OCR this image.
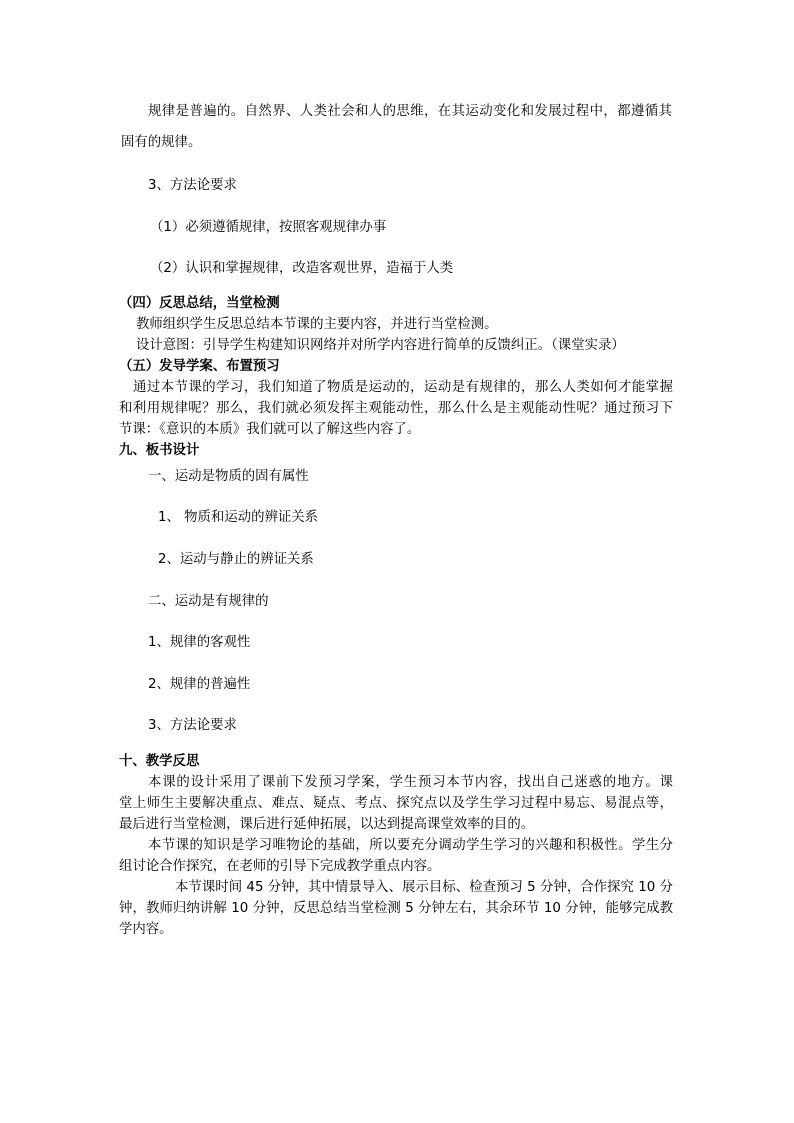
规律是普遍的。自然界、人类社会和人的思维，在其运动变化和发展过程中，都遵循其

固有的规律。

3、方法论要求

（1）必须遵循规律，按照客观规律办事

（2）认识和掌握规律，改造客观世界，造福于人类

（四）反思总结，当堂检测

教师组织学生反思总结本节课的主要内容，并进行当堂检测。

设计意图：引导学生构建知识网络并对所学内容进行简单的反馈纠正。（课堂实录）

（五）发导学案、布置预习

通过本节课的学习，我们知道了物质是运动的，运动是有规律的，那么人类如何才能掌握

和利用规律呢？那么，我们就必须发挥主观能动性，那么什么是主观能动性呢？通过预习下

节课：《意识的本质》我们就可以了解这些内容了。

九、板书设计

一、运动是物质的固有属性

1、 物质和运动的辨证关系

2、运动与静止的辨证关系

二、运动是有规律的

1、规律的客观性

2、规律的普遍性

3、方法论要求

十、教学反思

本课的设计采用了课前下发预习学案，学生预习本节内容，找出自己迷惑的地方。课

堂上师生主要解决重点、难点、疑点、考点、探究点以及学生学习过程中易忘、易混点等，

最后进行当堂检测，课后进行延伸拓展，以达到提高课堂效率的目的。

本节课的知识是学习唯物论的基础，所以要充分调动学生学习的兴趣和积极性。学生分

组讨论合作探究，在老师的引导下完成教学重点内容。

本节课时间 45 分钟，其中情景导入、展示目标、检查预习 5 分钟，合作探究 10 分

钟，教师归纳讲解 10 分钟，反思总结当堂检测 5 分钟左右，其余环节 10 分钟，能够完成教

学内容。
